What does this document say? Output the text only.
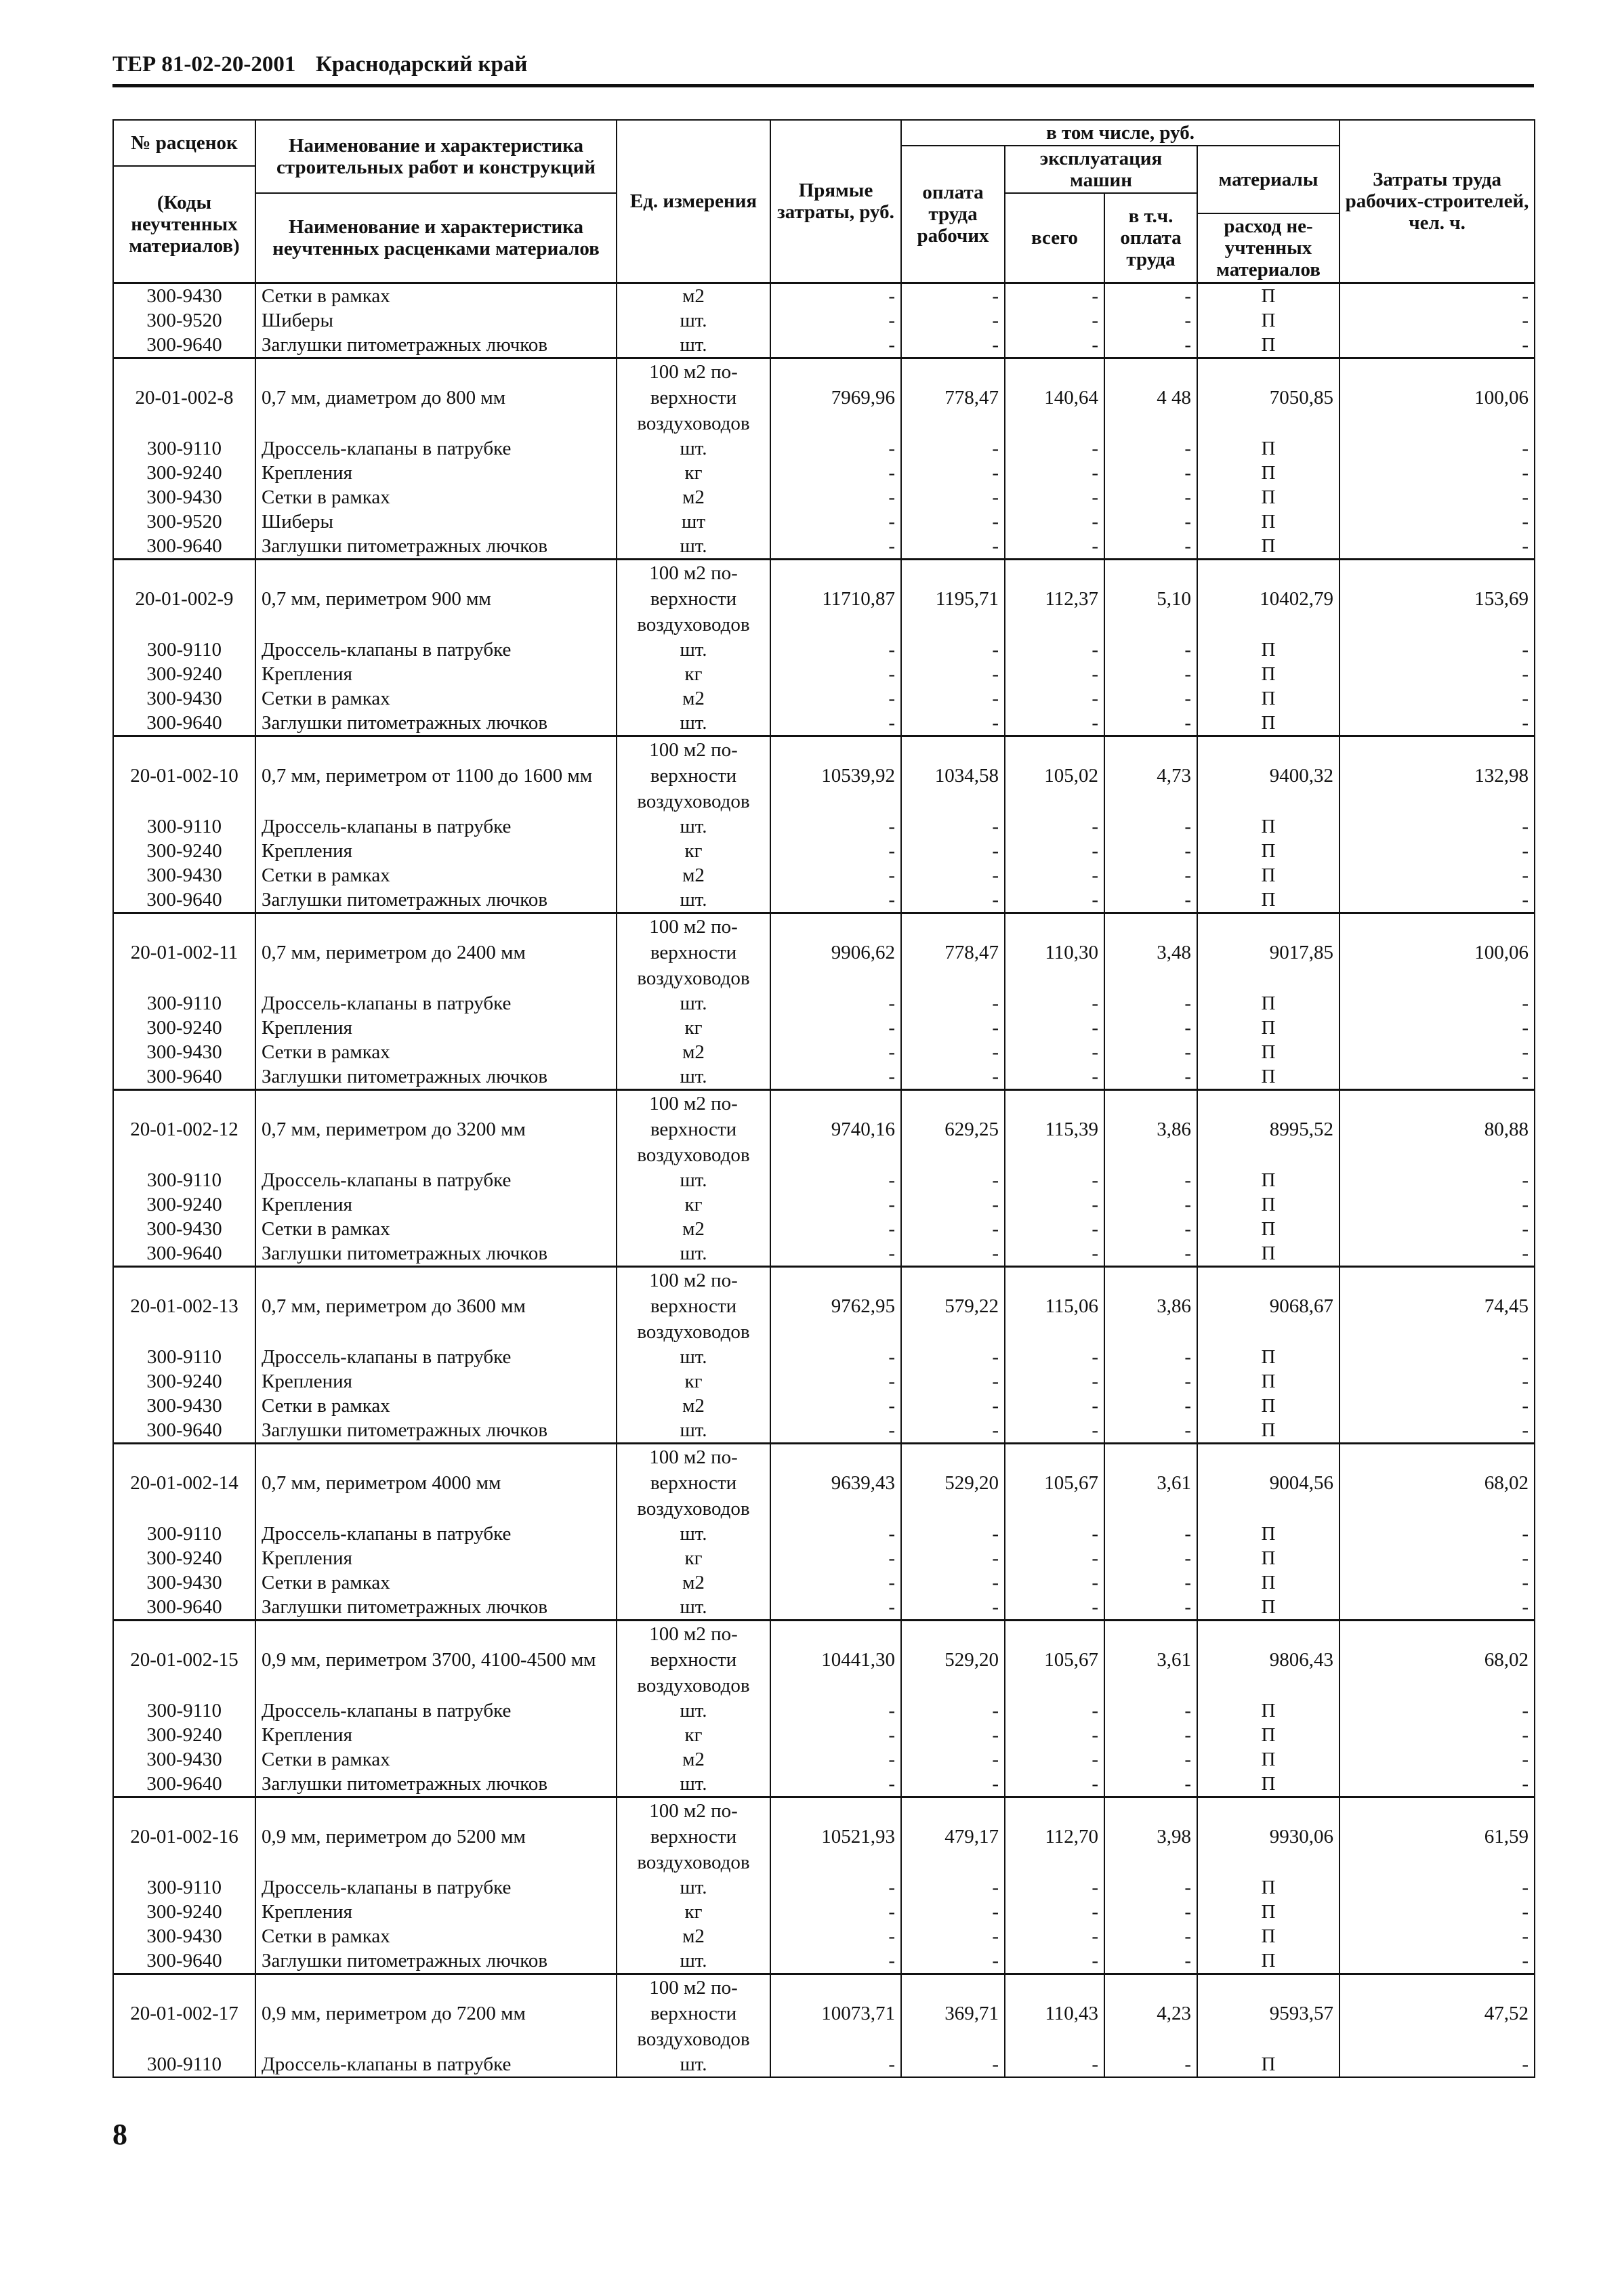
ТЕР 81-02-20-2001 Краснодарский край
№ расценок	Наименование и характеристика строительных работ и конструкций	Ед. измерения	Прямые затраты, руб.	в том числе, руб.				Затраты труда рабочих-строителей, чел. ч.
				оплата труда рабочих	эксплуатация машин		материалы	
(Коды неучтенных материалов)								
	Наименование и характеристика неучтенных расценками материалов				всего	в т.ч. оплата труда		
							расход не-учтенных материалов	
300-9430	Сетки в рамках	м2	-	-	-	-	П	-
300-9520	Шиберы	шт.	-	-	-	-	П	-
300-9640	Заглушки питометражных лючков	шт.	-	-	-	-	П	-
20-01-002-8	0,7 мм, диаметром до 800 мм	100 м2 по-
верхности
воздуховодов	7969,96	778,47	140,64	4 48	7050,85	100,06
300-9110	Дроссель-клапаны в патрубке	шт.	-	-	-	-	П	-
300-9240	Крепления	кг	-	-	-	-	П	-
300-9430	Сетки в рамках	м2	-	-	-	-	П	-
300-9520	Шиберы	шт	-	-	-	-	П	-
300-9640	Заглушки питометражных лючков	шт.	-	-	-	-	П	-
20-01-002-9	0,7 мм, периметром 900 мм	100 м2 по-
верхности
воздуховодов	11710,87	1195,71	112,37	5,10	10402,79	153,69
300-9110	Дроссель-клапаны в патрубке	шт.	-	-	-	-	П	-
300-9240	Крепления	кг	-	-	-	-	П	-
300-9430	Сетки в рамках	м2	-	-	-	-	П	-
300-9640	Заглушки питометражных лючков	шт.	-	-	-	-	П	-
20-01-002-10	0,7 мм, периметром от 1100 до 1600 мм	100 м2 по-
верхности
воздуховодов	10539,92	1034,58	105,02	4,73	9400,32	132,98
300-9110	Дроссель-клапаны в патрубке	шт.	-	-	-	-	П	-
300-9240	Крепления	кг	-	-	-	-	П	-
300-9430	Сетки в рамках	м2	-	-	-	-	П	-
300-9640	Заглушки питометражных лючков	шт.	-	-	-	-	П	-
20-01-002-11	0,7 мм, периметром до 2400 мм	100 м2 по-
верхности
воздуховодов	9906,62	778,47	110,30	3,48	9017,85	100,06
300-9110	Дроссель-клапаны в патрубке	шт.	-	-	-	-	П	-
300-9240	Крепления	кг	-	-	-	-	П	-
300-9430	Сетки в рамках	м2	-	-	-	-	П	-
300-9640	Заглушки питометражных лючков	шт.	-	-	-	-	П	-
20-01-002-12	0,7 мм, периметром до 3200 мм	100 м2 по-
верхности
воздуховодов	9740,16	629,25	115,39	3,86	8995,52	80,88
300-9110	Дроссель-клапаны в патрубке	шт.	-	-	-	-	П	-
300-9240	Крепления	кг	-	-	-	-	П	-
300-9430	Сетки в рамках	м2	-	-	-	-	П	-
300-9640	Заглушки питометражных лючков	шт.	-	-	-	-	П	-
20-01-002-13	0,7 мм, периметром до 3600 мм	100 м2 по-
верхности
воздуховодов	9762,95	579,22	115,06	3,86	9068,67	74,45
300-9110	Дроссель-клапаны в патрубке	шт.	-	-	-	-	П	-
300-9240	Крепления	кг	-	-	-	-	П	-
300-9430	Сетки в рамках	м2	-	-	-	-	П	-
300-9640	Заглушки питометражных лючков	шт.	-	-	-	-	П	-
20-01-002-14	0,7 мм, периметром 4000 мм	100 м2 по-
верхности
воздуховодов	9639,43	529,20	105,67	3,61	9004,56	68,02
300-9110	Дроссель-клапаны в патрубке	шт.	-	-	-	-	П	-
300-9240	Крепления	кг	-	-	-	-	П	-
300-9430	Сетки в рамках	м2	-	-	-	-	П	-
300-9640	Заглушки питометражных лючков	шт.	-	-	-	-	П	-
20-01-002-15	0,9 мм, периметром 3700, 4100-4500 мм	100 м2 по-
верхности
воздуховодов	10441,30	529,20	105,67	3,61	9806,43	68,02
300-9110	Дроссель-клапаны в патрубке	шт.	-	-	-	-	П	-
300-9240	Крепления	кг	-	-	-	-	П	-
300-9430	Сетки в рамках	м2	-	-	-	-	П	-
300-9640	Заглушки питометражных лючков	шт.	-	-	-	-	П	-
20-01-002-16	0,9 мм, периметром до 5200 мм	100 м2 по-
верхности
воздуховодов	10521,93	479,17	112,70	3,98	9930,06	61,59
300-9110	Дроссель-клапаны в патрубке	шт.	-	-	-	-	П	-
300-9240	Крепления	кг	-	-	-	-	П	-
300-9430	Сетки в рамках	м2	-	-	-	-	П	-
300-9640	Заглушки питометражных лючков	шт.	-	-	-	-	П	-
20-01-002-17	0,9 мм, периметром до 7200 мм	100 м2 по-
верхности
воздуховодов	10073,71	369,71	110,43	4,23	9593,57	47,52
300-9110	Дроссель-клапаны в патрубке	шт.	-	-	-	-	П	-
8
